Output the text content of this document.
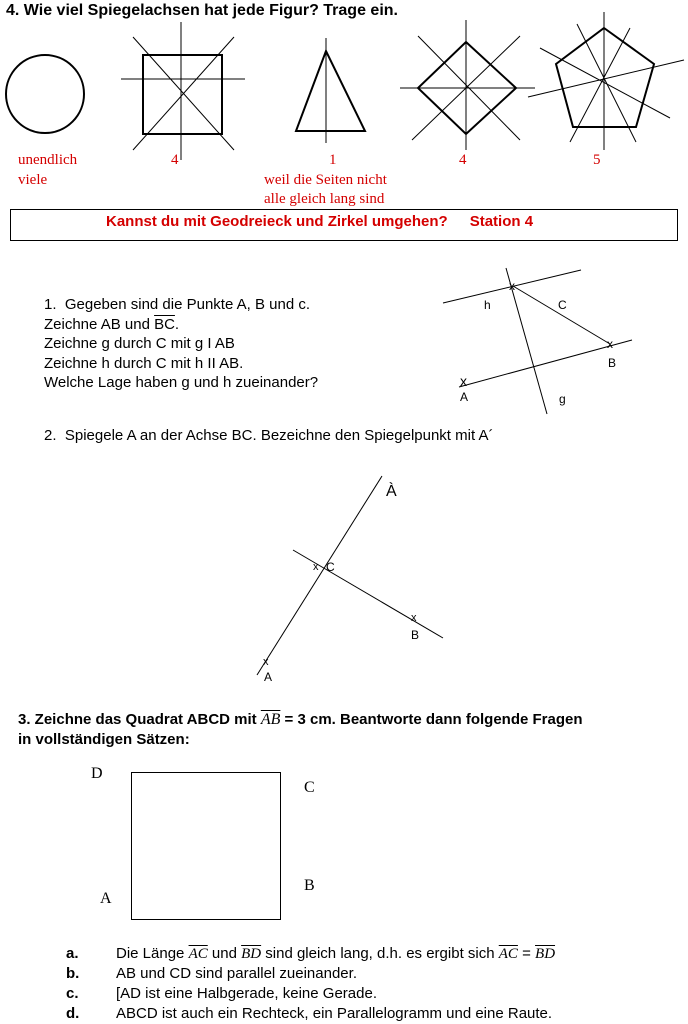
4. Wie viel Spiegelachsen hat jede Figur? Trage ein.
unendlich
viele
4	1
weil die Seiten nicht
alle gleich lang sind
4	5
Kannst du mit Geodreieck und Zirkel umgehen? Station 4
1. Gegeben sind die Punkte A, B und c.
Zeichne AB und $\overline{BC}$.
Zeichne g durch C mit g I AB
Zeichne h durch C mit h II AB.
Welche Lage haben g und h zueinander?
h
x
C
x
B
x
A	g
2. Spiegele A an der Achse BC. Bezeichne den Spiegelpunkt mit A´
À
x C
x
B
x
A
3. Zeichne das Quadrat ABCD mit $\overline{AB} = 3$ cm. Beantworte dann folgende Fragen
in vollständigen Sätzen:
D
C
B
A
a. Die Länge $\overline{AC}$ und $\overline{BD}$ sind gleich lang, d.h. es ergibt sich $\overline{AC} = \overline{BD}$
b. AB und CD sind parallel zueinander.
c. [AD ist eine Halbgerade, keine Gerade.
d. ABCD ist auch ein Rechteck, ein Parallelogramm und eine Raute.
